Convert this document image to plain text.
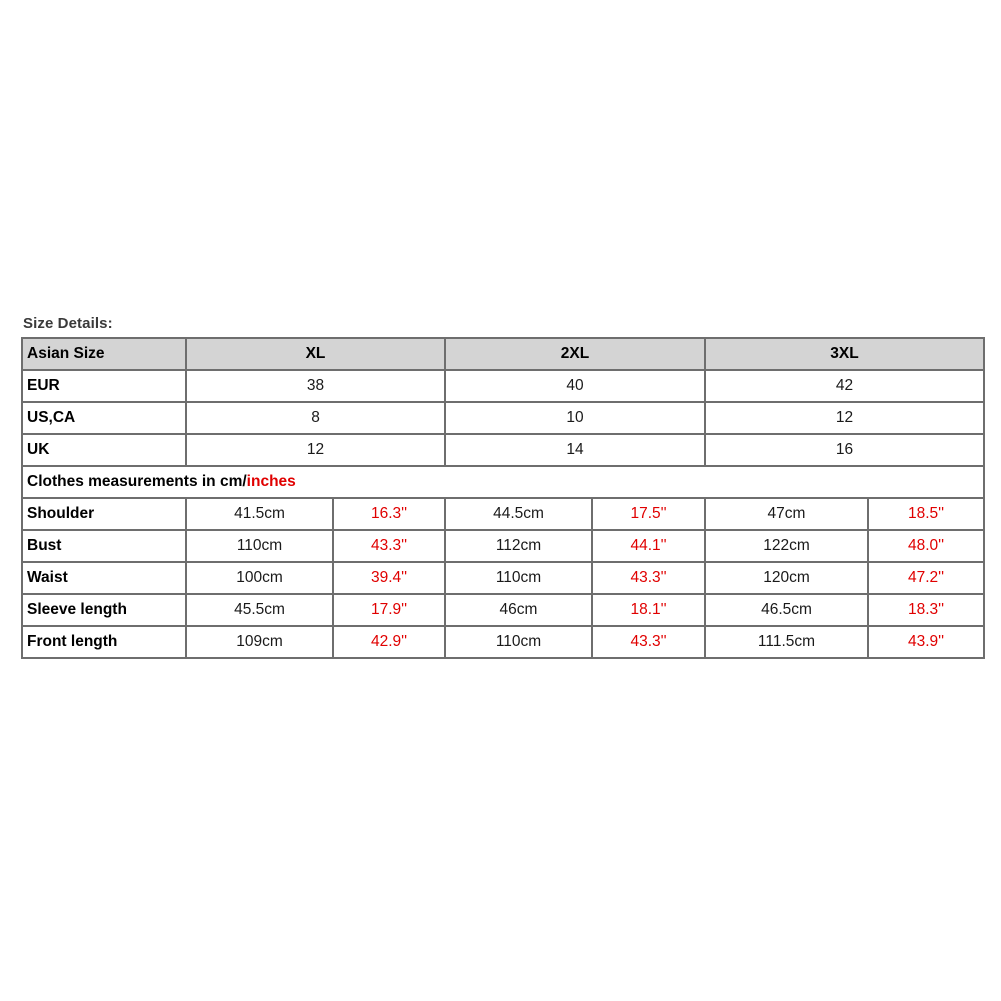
Size Details:
Asian Size	XL		2XL		3XL	
EUR	38		40		42	
US,CA	8		10		12	
UK	12		14		16	
Clothes measurements in cm/inches						
Shoulder	41.5cm	16.3''	44.5cm	17.5''	47cm	18.5''
Bust	110cm	43.3''	112cm	44.1''	122cm	48.0''
Waist	100cm	39.4''	110cm	43.3''	120cm	47.2''
Sleeve length	45.5cm	17.9''	46cm	18.1''	46.5cm	18.3''
Front length	109cm	42.9''	110cm	43.3''	111.5cm	43.9''
